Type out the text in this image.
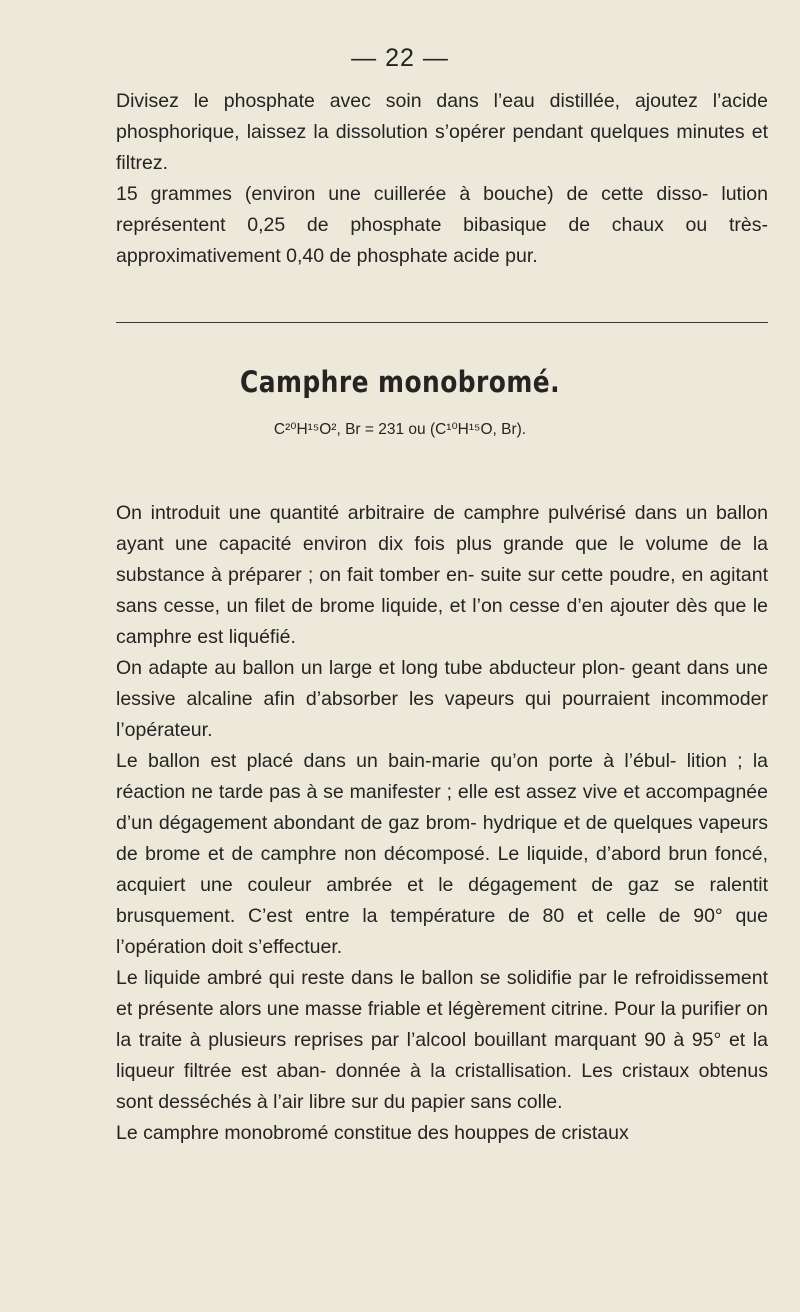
— 22 —

Divisez le phosphate avec soin dans l’eau distillée, ajoutez l’acide phosphorique, laissez la dissolution s’opérer pendant quelques minutes et filtrez.

15 grammes (environ une cuillerée à bouche) de cette disso- lution représentent 0,25 de phosphate bibasique de chaux ou très-approximativement 0,40 de phosphate acide pur.

Camphre monobromé.
C²⁰H¹⁵O², Br = 231 ou (C¹⁰H¹⁵O, Br).

On introduit une quantité arbitraire de camphre pulvérisé dans un ballon ayant une capacité environ dix fois plus grande que le volume de la substance à préparer ; on fait tomber en- suite sur cette poudre, en agitant sans cesse, un filet de brome liquide, et l’on cesse d’en ajouter dès que le camphre est liquéfié.

On adapte au ballon un large et long tube abducteur plon- geant dans une lessive alcaline afin d’absorber les vapeurs qui pourraient incommoder l’opérateur.

Le ballon est placé dans un bain-marie qu’on porte à l’ébul- lition ; la réaction ne tarde pas à se manifester ; elle est assez vive et accompagnée d’un dégagement abondant de gaz brom- hydrique et de quelques vapeurs de brome et de camphre non décomposé. Le liquide, d’abord brun foncé, acquiert une couleur ambrée et le dégagement de gaz se ralentit brusquement. C’est entre la température de 80 et celle de 90° que l’opération doit s’effectuer.

Le liquide ambré qui reste dans le ballon se solidifie par le refroidissement et présente alors une masse friable et légèrement citrine. Pour la purifier on la traite à plusieurs reprises par l’alcool bouillant marquant 90 à 95° et la liqueur filtrée est aban- donnée à la cristallisation. Les cristaux obtenus sont desséchés à l’air libre sur du papier sans colle.

Le camphre monobromé constitue des houppes de cristaux
